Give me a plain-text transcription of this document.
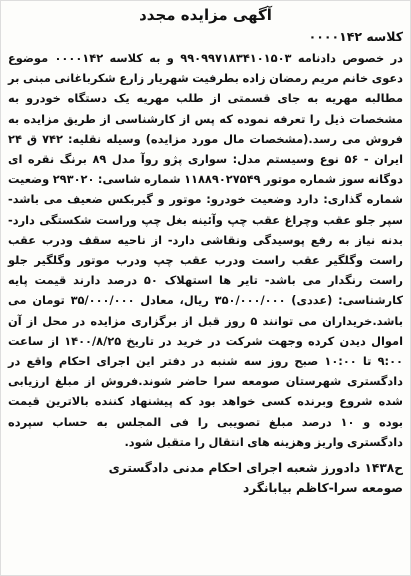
آگهی مزایده مجدد
کلاسه ۰۰۰۰۱۴۲

در خصوص دادنامه ۹۹۰۹۹۷۱۸۳۴۱۰۱۵۰۳ و به کلاسه ۰۰۰۰۱۴۲ موضوع دعوی خانم مریم رمضان زاده بطرفیت شهریار زارع شکرباغانی مبنی بر مطالبه مهریه به جای قسمتی از طلب مهریه یک دستگاه خودرو به مشخصات ذیل را تعرفه نموده که پس از کارشناسی از طریق مزایده به فروش می رسد.(مشخصات مال مورد مزایده) وسیله نقلیه: ۷۴۲ ق ۲۴ ایران - ۵۶ نوع وسیستم مدل: سواری پژو روآ مدل ۸۹ برنگ نقره ای دوگانه سوز شماره موتور ۱۱۸۸۹۰۲۷۵۴۹ شماره شاسی: ۲۹۳۰۲۰ وضعیت شماره گذاری: دارد وضعیت خودرو: موتور و گیربکس ضعیف می باشد- سپر جلو عقب وچراغ عقب چپ وآئینه بغل چپ وراست شکستگی دارد- بدنه نیاز به رفع پوسیدگی ونقاشی دارد- از ناحیه سقف ودرب عقب راست وگلگیر عقب راست ودرب عقب چپ ودرب موتور وگلگیر جلو راست رنگدار می باشد- تایر ها استهلاک ۵۰ درصد دارند قیمت پایه کارشناسی: (عددی) ۳۵۰/۰۰۰/۰۰۰ ریال، معادل ۳۵/۰۰۰/۰۰۰ تومان می باشد.خریداران می توانند ۵ روز قبل از برگزاری مزایده در محل از آن اموال دیدن کرده وجهت شرکت در خرید در تاریخ ۱۴۰۰/۸/۲۵ از ساعت ۹:۰۰ تا ۱۰:۰۰ صبح روز سه شنبه در دفتر این اجرای احکام واقع در دادگستری شهرستان صومعه سرا حاضر شوند.فروش از مبلغ ارزیابی شده شروع وبرنده کسی خواهد بود که پیشنهاد کننده بالاترین قیمت بوده و ۱۰ درصد مبلغ تصویبی را فی المجلس به حساب سپرده دادگستری واریز وهزینه های انتقال را متقبل شود.

ح۱۴۳۸ دادورز شعبه اجرای احکام مدنی دادگستری
صومعه سرا-کاظم بیابانگرد
